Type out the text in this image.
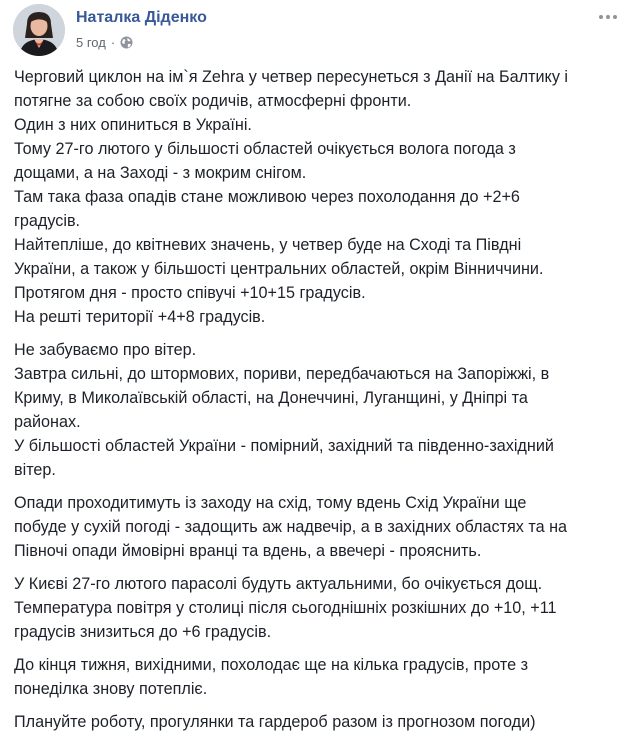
Наталка Діденко
5 год ·

Черговий циклон на ім`я Zehra у четвер пересунеться з Данії на Балтику і
потягне за собою своїх родичів, атмосферні фронти.
Один з них опиниться в Україні.
Тому 27-го лютого у більшості областей очікується волога погода з
дощами, а на Заході - з мокрим снігом.
Там така фаза опадів стане можливою через похолодання до +2+6
градусів.
Найтепліше, до квітневих значень, у четвер буде на Сході та Півдні
України, а також у більшості центральних областей, окрім Вінниччини.
Протягом дня - просто співучі +10+15 градусів.
На решті території +4+8 градусів.

Не забуваємо про вітер.
Завтра сильні, до штормових, пориви, передбачаються на Запоріжжі, в
Криму, в Миколаївській області, на Донеччині, Луганщині, у Дніпрі та
районах.
У більшості областей України - помірний, західний та південно-західний
вітер.

Опади проходитимуть із заходу на схід, тому вдень Схід України ще
побуде у сухій погоді - задощить аж надвечір, а в західних областях та на
Півночі опади ймовірні вранці та вдень, а ввечері - прояснить.

У Києві 27-го лютого парасолі будуть актуальними, бо очікується дощ.
Температура повітря у столиці після сьогоднішніх розкішних до +10, +11
градусів знизиться до +6 градусів.

До кінця тижня, вихідними, похолодає ще на кілька градусів, проте з
понеділка знову потепліє.

Плануйте роботу, прогулянки та гардероб разом із прогнозом погоди)
